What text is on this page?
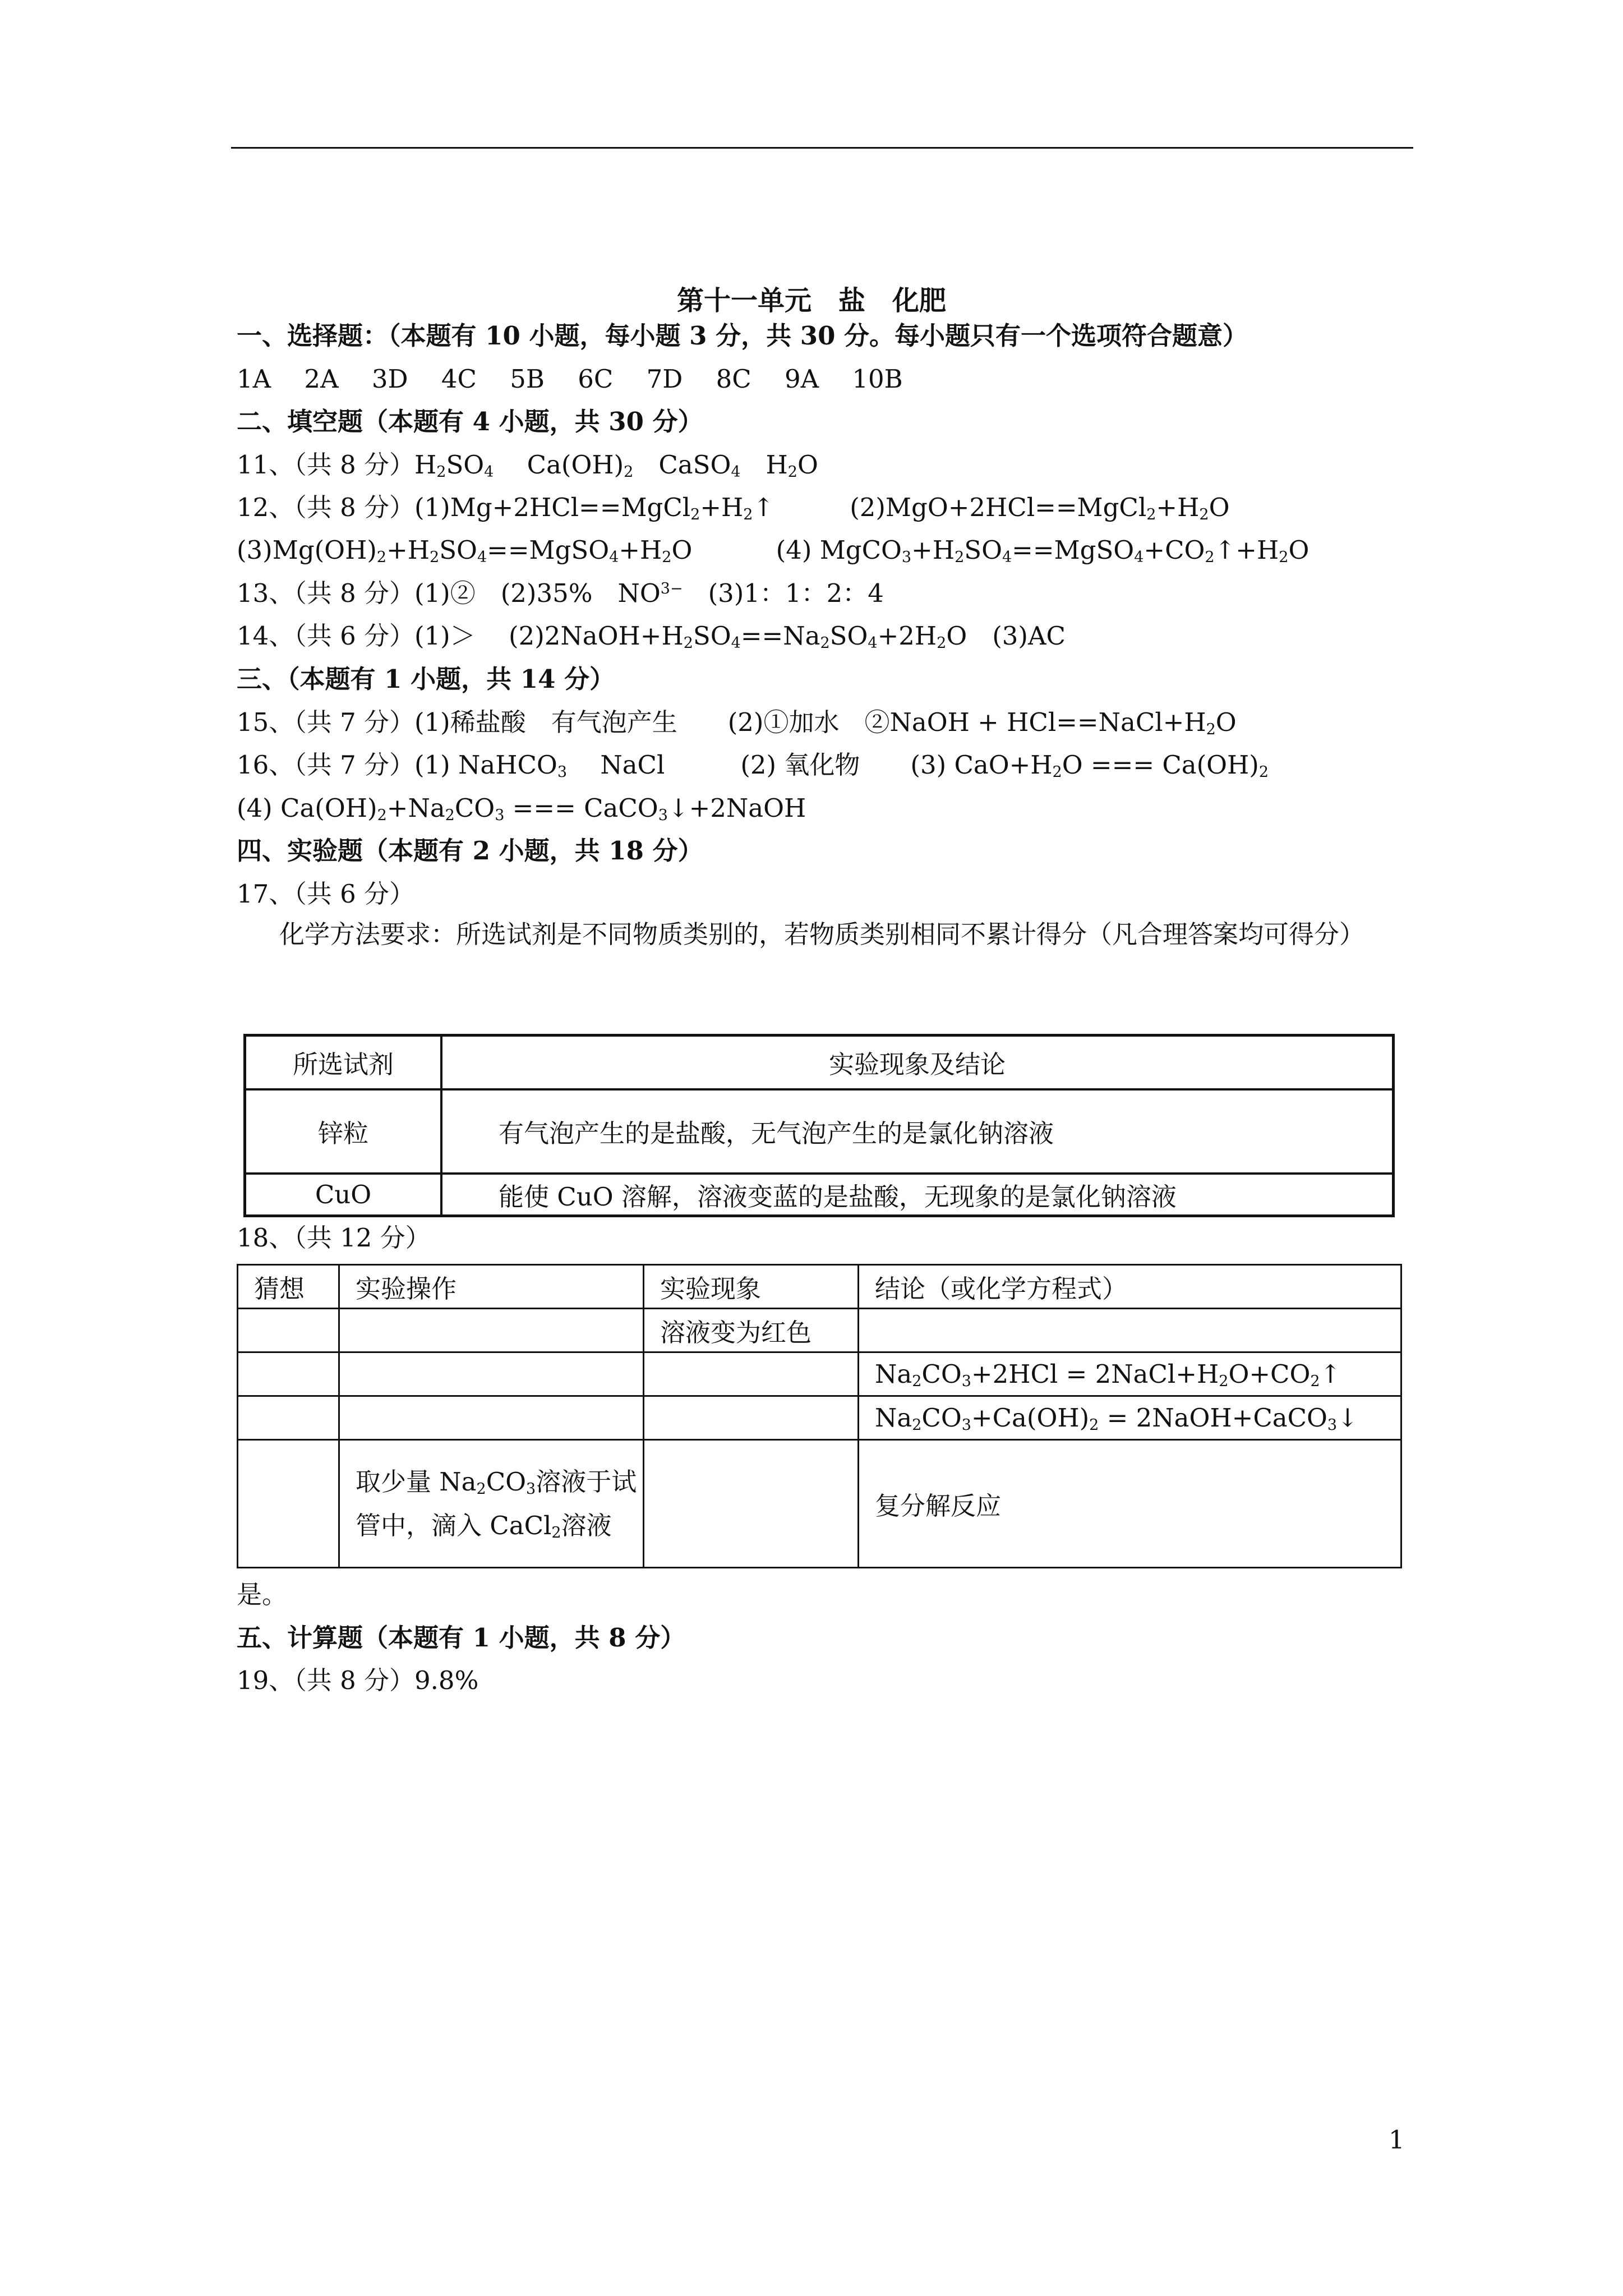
第十一单元　盐　化肥
一、选择题：（本题有 10 小题，每小题 3 分，共 30 分。每小题只有一个选项符合题意）
1A　 2A　 3D　 4C　 5B　 6C　 7D　 8C　 9A　 10B
二、填空题（本题有 4 小题，共 30 分）
11、（共 8 分）$H_2SO_4$　 $Ca(OH)_2$　CaSO$_4$　$H_2O$
12、（共 8 分）$(1)Mg+2HCl==MgCl_2+H_2↑$　　　$(2)MgO+2HCl==MgCl_2+H_2O$
$(3)Mg(OH)_2+H_2SO_4==MgSO_4+H_2O$　　　 (4) $MgCO_3+H_2SO_4==MgSO_4+CO_2↑+H_2O$
13、（共 8 分）(1)②　(2)35%　$NO^{3-}$　(3)1：1：2：4
14、（共 6 分）(1)＞　 $(2)2NaOH+H_2SO_4==Na_2SO_4+2H_2O$　(3)AC
三、（本题有 1 小题，共 14 分）
15、（共 7 分）(1)稀盐酸　有气泡产生　　(2)①加水　②NaOH + $HCl==NaCl+H_2O$
16、（共 7 分）(1) NaHCO$_3$　 NaCl　　　(2) 氧化物　　(3) $CaO+H_2O$ === $Ca(OH)_2$
(4) $Ca(OH)_2+Na_2CO_3$ === CaCO$_3$↓+2NaOH
四、实验题（本题有 2 小题，共 18 分）
17、（共 6 分）
化学方法要求：所选试剂是不同物质类别的，若物质类别相同不累计得分（凡合理答案均可得分）
所选试剂	实验现象及结论
锌粒	有气泡产生的是盐酸，无气泡产生的是氯化钠溶液
CuO	能使 CuO 溶解，溶液变蓝的是盐酸，无现象的是氯化钠溶液
18、（共 12 分）
猜想	实验操作	实验现象	结论（或化学方程式）
		溶液变为红色	
			$Na_2CO_3+2HCl$ = $2NaCl+H_2O+CO_2↑$
			$Na_2CO_3+Ca(OH)_2$ = 2NaOH+CaCO$_3$↓
	取少量 $Na_2CO_3$溶液于试管中，滴入 CaCl$_2$溶液		复分解反应
是。
五、计算题（本题有 1 小题，共 8 分）
19、（共 8 分）9.8%
1
